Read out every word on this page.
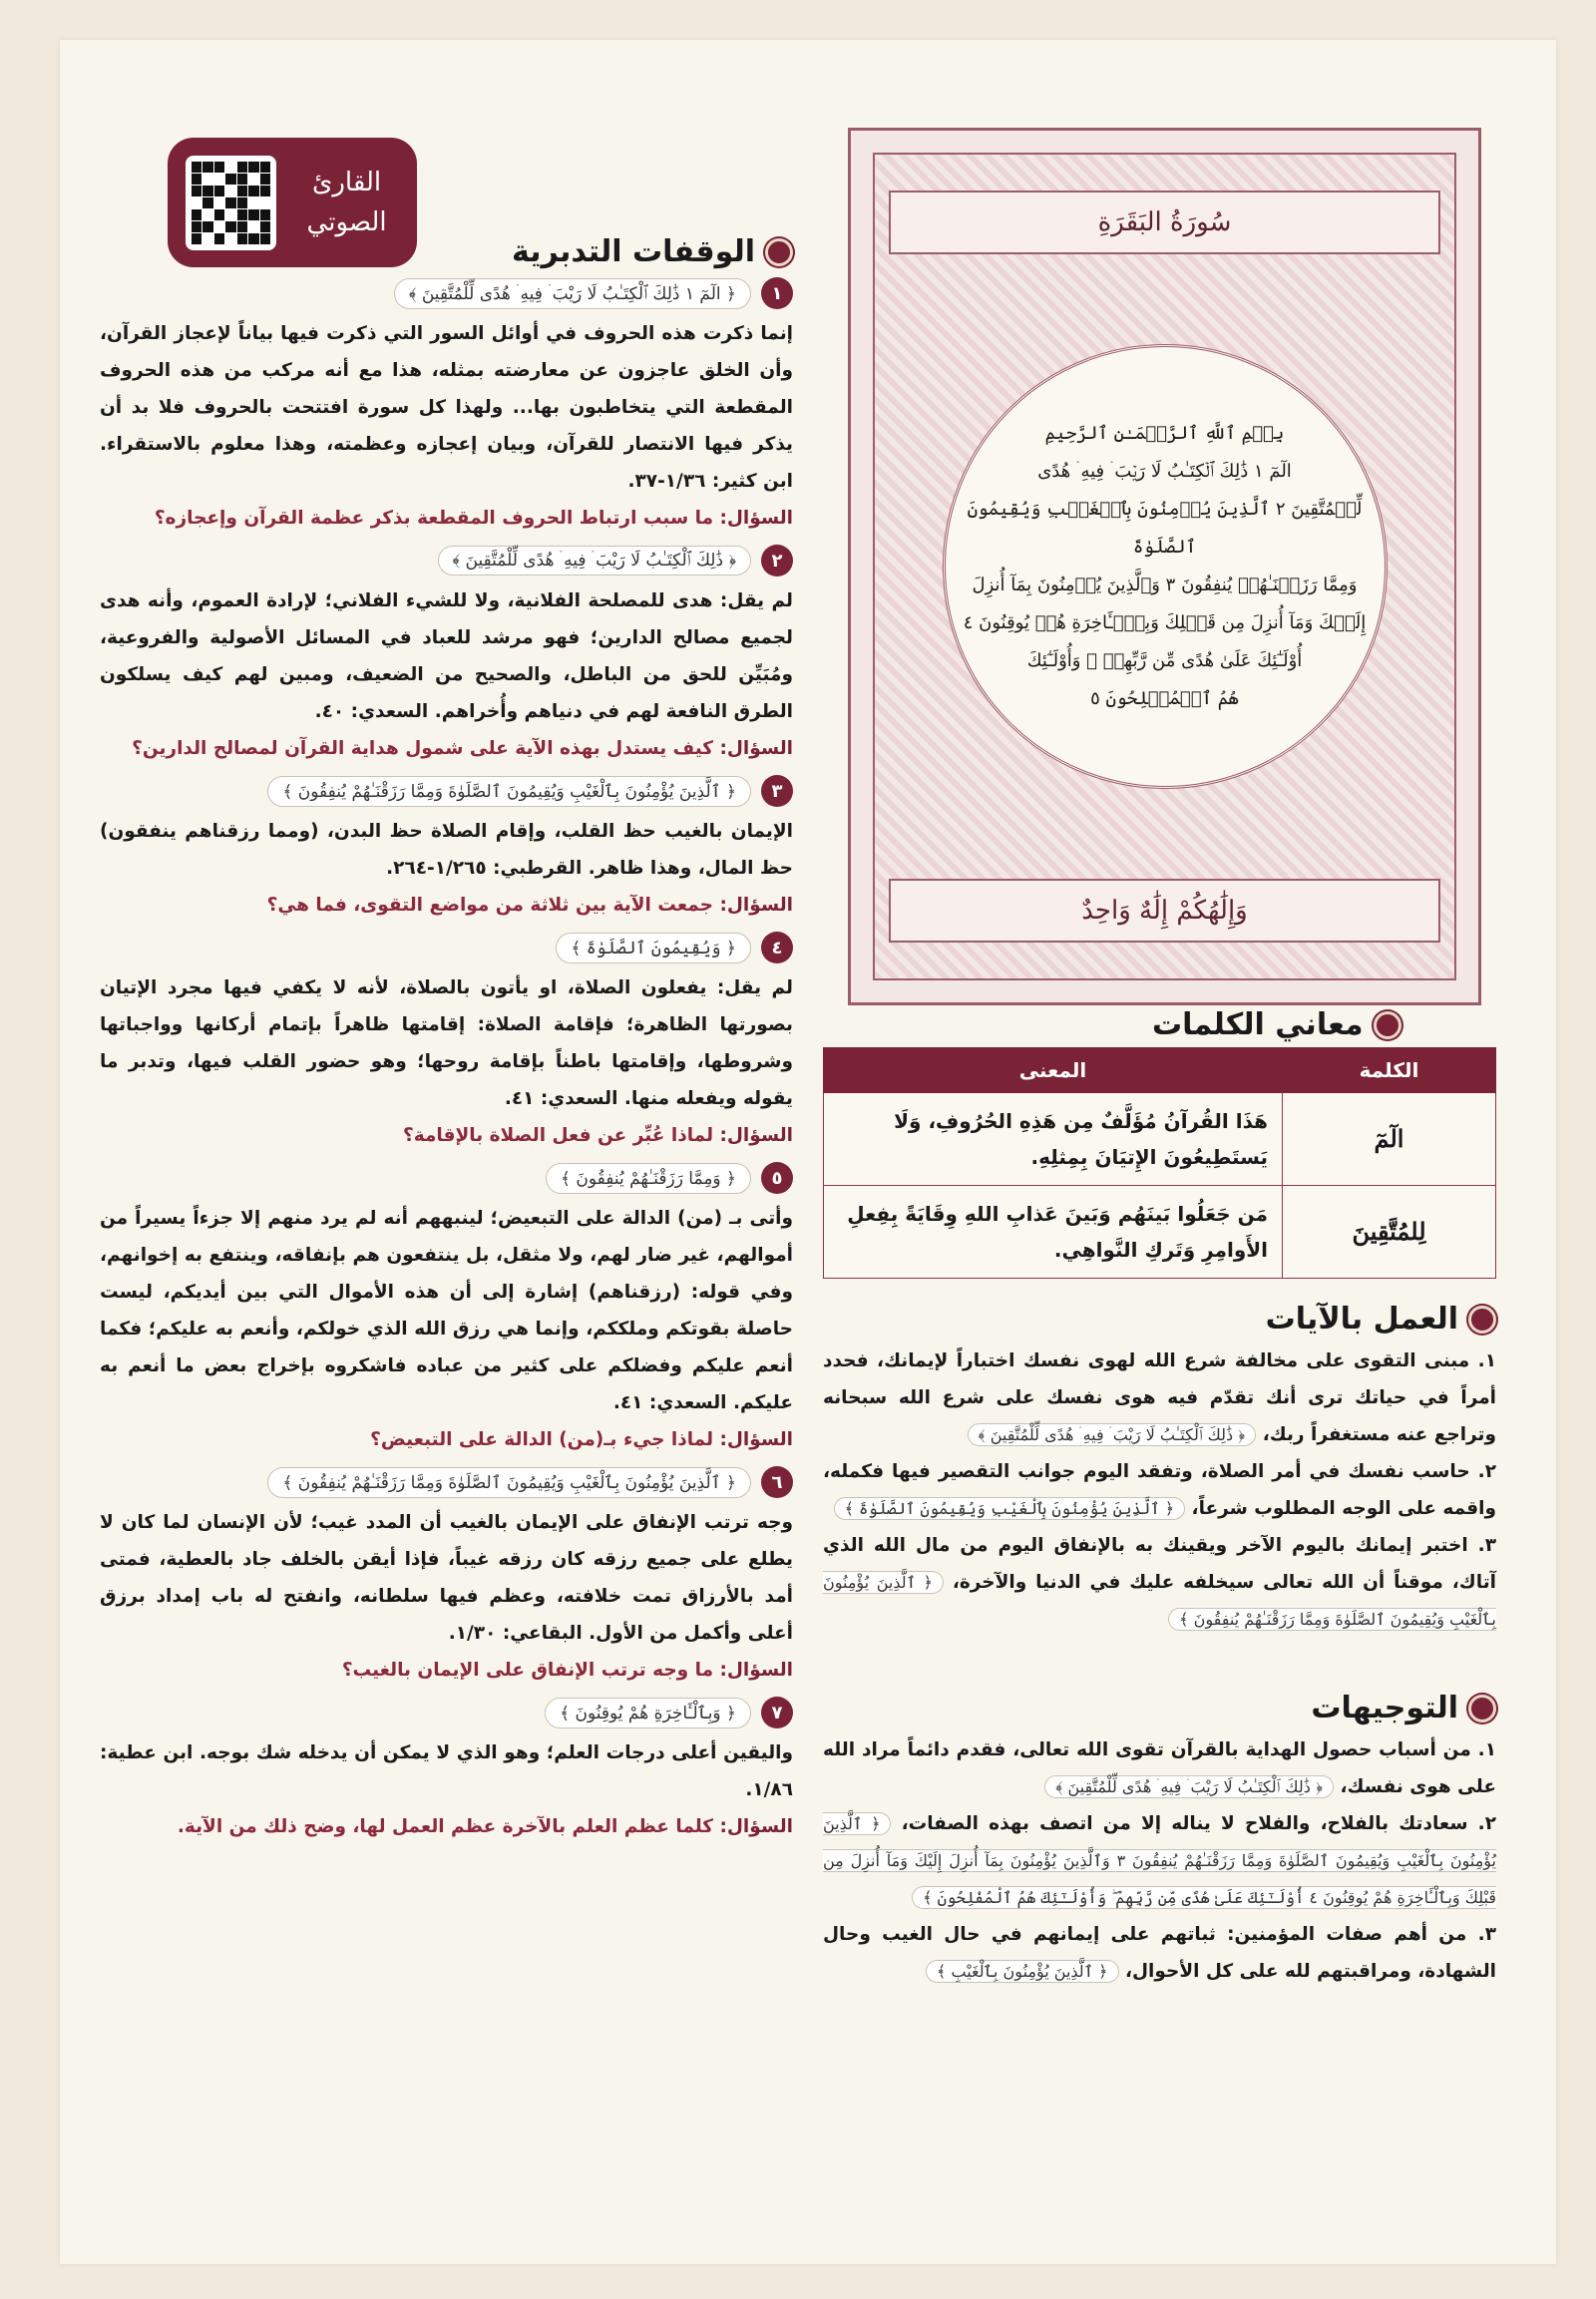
القارئ
الصوتي
الوقفات التدبرية
١
﴿ الٓمٓ ١ ذَٰلِكَ ٱلْكِتَـٰبُ لَا رَيْبَ ۛ فِيهِ ۛ هُدًى لِّلْمُتَّقِينَ ﴾
إنما ذكرت هذه الحروف في أوائل السور التي ذكرت فيها بياناً لإعجاز القرآن، وأن الخلق عاجزون عن معارضته بمثله، هذا مع أنه مركب من هذه الحروف المقطعة التي يتخاطبون بها... ولهذا كل سورة افتتحت بالحروف فلا بد أن يذكر فيها الانتصار للقرآن، وبيان إعجازه وعظمته، وهذا معلوم بالاستقراء. ابن كثير: ١/٣٦-٣٧.
السؤال: ما سبب ارتباط الحروف المقطعة بذكر عظمة القرآن وإعجازه؟
٢
﴿ ذَٰلِكَ ٱلْكِتَـٰبُ لَا رَيْبَ ۛ فِيهِ ۛ هُدًى لِّلْمُتَّقِينَ ﴾
لم يقل: هدى للمصلحة الفلانية، ولا للشيء الفلاني؛ لإرادة العموم، وأنه هدى لجميع مصالح الدارين؛ فهو مرشد للعباد في المسائل الأصولية والفروعية، ومُبَيِّن للحق من الباطل، والصحيح من الضعيف، ومبين لهم كيف يسلكون الطرق النافعة لهم في دنياهم وأُخراهم. السعدي: ٤٠.
السؤال: كيف يستدل بهذه الآية على شمول هداية القرآن لمصالح الدارين؟
٣
﴿ ٱلَّذِينَ يُؤْمِنُونَ بِٱلْغَيْبِ وَيُقِيمُونَ ٱلصَّلَوٰةَ وَمِمَّا رَزَقْنَـٰهُمْ يُنفِقُونَ ﴾
الإيمان بالغيب حظ القلب، وإقام الصلاة حظ البدن، (ومما رزقناهم ينفقون) حظ المال، وهذا ظاهر. القرطبي: ١/٢٦٥-٢٦٤.
السؤال: جمعت الآية بين ثلاثة من مواضع التقوى، فما هي؟
٤
﴿ وَيُقِيمُونَ ٱلصَّلَوٰةَ ﴾
لم يقل: يفعلون الصلاة، او يأتون بالصلاة، لأنه لا يكفي فيها مجرد الإتيان بصورتها الظاهرة؛ فإقامة الصلاة: إقامتها ظاهراً بإتمام أركانها وواجباتها وشروطها، وإقامتها باطناً بإقامة روحها؛ وهو حضور القلب فيها، وتدبر ما يقوله ويفعله منها. السعدي: ٤١.
السؤال: لماذا عُبِّر عن فعل الصلاة بالإقامة؟
٥
﴿ وَمِمَّا رَزَقْنَـٰهُمْ يُنفِقُونَ ﴾
وأتى بـ (من) الدالة على التبعيض؛ لينبههم أنه لم يرد منهم إلا جزءاً يسيراً من أموالهم، غير ضار لهم، ولا مثقل، بل ينتفعون هم بإنفاقه، وينتفع به إخوانهم، وفي قوله: (رزقناهم) إشارة إلى أن هذه الأموال التي بين أيديكم، ليست حاصلة بقوتكم وملككم، وإنما هي رزق الله الذي خولكم، وأنعم به عليكم؛ فكما أنعم عليكم وفضلكم على كثير من عباده فاشكروه بإخراج بعض ما أنعم به عليكم. السعدي: ٤١.
السؤال: لماذا جيء بـ(من) الدالة على التبعيض؟
٦
﴿ ٱلَّذِينَ يُؤْمِنُونَ بِٱلْغَيْبِ وَيُقِيمُونَ ٱلصَّلَوٰةَ وَمِمَّا رَزَقْنَـٰهُمْ يُنفِقُونَ ﴾
وجه ترتب الإنفاق على الإيمان بالغيب أن المدد غيب؛ لأن الإنسان لما كان لا يطلع على جميع رزقه كان رزقه غيباً، فإذا أيقن بالخلف جاد بالعطية، فمتى أمد بالأرزاق تمت خلافته، وعظم فيها سلطانه، وانفتح له باب إمداد برزق أعلى وأكمل من الأول. البقاعي: ١/٣٠.
السؤال: ما وجه ترتب الإنفاق على الإيمان بالغيب؟
٧
﴿ وَبِٱلْـَٔاخِرَةِ هُمْ يُوقِنُونَ ﴾
واليقين أعلى درجات العلم؛ وهو الذي لا يمكن أن يدخله شك بوجه. ابن عطية: ١/٨٦.
السؤال: كلما عظم العلم بالآخرة عظم العمل لها، وضح ذلك من الآية.
سُورَةُ البَقَرَةِ
بِسۡمِ ٱللَّهِ ٱلرَّحۡمَـٰنِ ٱلرَّحِيمِ
الٓمٓ ١ ذَٰلِكَ ٱلۡكِتَـٰبُ لَا رَيۡبَ ۛ فِيهِ ۛ هُدًى
لِّلۡمُتَّقِينَ ٢ ٱلَّذِينَ يُؤۡمِنُونَ بِٱلۡغَيۡبِ وَيُقِيمُونَ ٱلصَّلَوٰةَ
وَمِمَّا رَزَقۡنَـٰهُمۡ يُنفِقُونَ ٣ وَٱلَّذِينَ يُؤۡمِنُونَ بِمَآ أُنزِلَ
إِلَيۡكَ وَمَآ أُنزِلَ مِن قَبۡلِكَ وَبِٱلۡـَٔاخِرَةِ هُمۡ يُوقِنُونَ ٤
أُوْلَـٰٓئِكَ عَلَىٰ هُدًى مِّن رَّبِّهِمۡ ۖ وَأُوْلَـٰٓئِكَ
هُمُ ٱلۡمُفۡلِحُونَ ٥
وَإِلَٰهُكُمْ إِلَٰهٌ وَاحِدٌ
معاني الكلمات
الكلمة	المعنى
الٓمٓ	هَذَا القُرآنُ مُؤَلَّفٌ مِن هَذِهِ الحُرُوفِ، وَلَا يَستَطِيعُونَ الإِتيَانَ بِمِثلِهِ.
لِلمُتَّقِينَ	مَن جَعَلُوا بَينَهُم وَبَينَ عَذابِ اللهِ وِقَايَةً بِفِعلِ الأَوامِرِ وَتَركِ النَّواهِي.
العمل بالآيات
١. مبنى التقوى على مخالفة شرع الله لهوى نفسك اختباراً لإيمانك، فحدد أمراً في حياتك ترى أنك تقدّم فيه هوى نفسك على شرع الله سبحانه وتراجع عنه مستغفراً ربك، ﴿ ذَٰلِكَ ٱلْكِتَـٰبُ لَا رَيْبَ ۛ فِيهِ ۛ هُدًى لِّلْمُتَّقِينَ ﴾
٢. حاسب نفسك في أمر الصلاة، وتفقد اليوم جوانب التقصير فيها فكمله، واقمه على الوجه المطلوب شرعاً، ﴿ ٱلَّذِينَ يُؤْمِنُونَ بِٱلْغَيْبِ وَيُقِيمُونَ ٱلصَّلَوٰةَ ﴾
٣. اختبر إيمانك باليوم الآخر ويقينك به بالإنفاق اليوم من مال الله الذي آتاك، موقناً أن الله تعالى سيخلفه عليك في الدنيا والآخرة، ﴿ ٱلَّذِينَ يُؤْمِنُونَ بِٱلْغَيْبِ وَيُقِيمُونَ ٱلصَّلَوٰةَ وَمِمَّا رَزَقْنَـٰهُمْ يُنفِقُونَ ﴾
التوجيهات
١. من أسباب حصول الهداية بالقرآن تقوى الله تعالى، فقدم دائماً مراد الله على هوى نفسك، ﴿ ذَٰلِكَ ٱلْكِتَـٰبُ لَا رَيْبَ ۛ فِيهِ ۛ هُدًى لِّلْمُتَّقِينَ ﴾
٢. سعادتك بالفلاح، والفلاح لا يناله إلا من اتصف بهذه الصفات، ﴿ ٱلَّذِينَ يُؤْمِنُونَ بِٱلْغَيْبِ وَيُقِيمُونَ ٱلصَّلَوٰةَ وَمِمَّا رَزَقْنَـٰهُمْ يُنفِقُونَ ٣ وَٱلَّذِينَ يُؤْمِنُونَ بِمَآ أُنزِلَ إِلَيْكَ وَمَآ أُنزِلَ مِن قَبْلِكَ وَبِٱلْـَٔاخِرَةِ هُمْ يُوقِنُونَ ٤ أُوْلَـٰٓئِكَ عَلَىٰ هُدًى مِّن رَّبِّهِمْ ۖ وَأُوْلَـٰٓئِكَ هُمُ ٱلْمُفْلِحُونَ ﴾
٣. من أهم صفات المؤمنين: ثباتهم على إيمانهم في حال الغيب وحال الشهادة، ومراقبتهم لله على كل الأحوال، ﴿ ٱلَّذِينَ يُؤْمِنُونَ بِٱلْغَيْبِ ﴾
